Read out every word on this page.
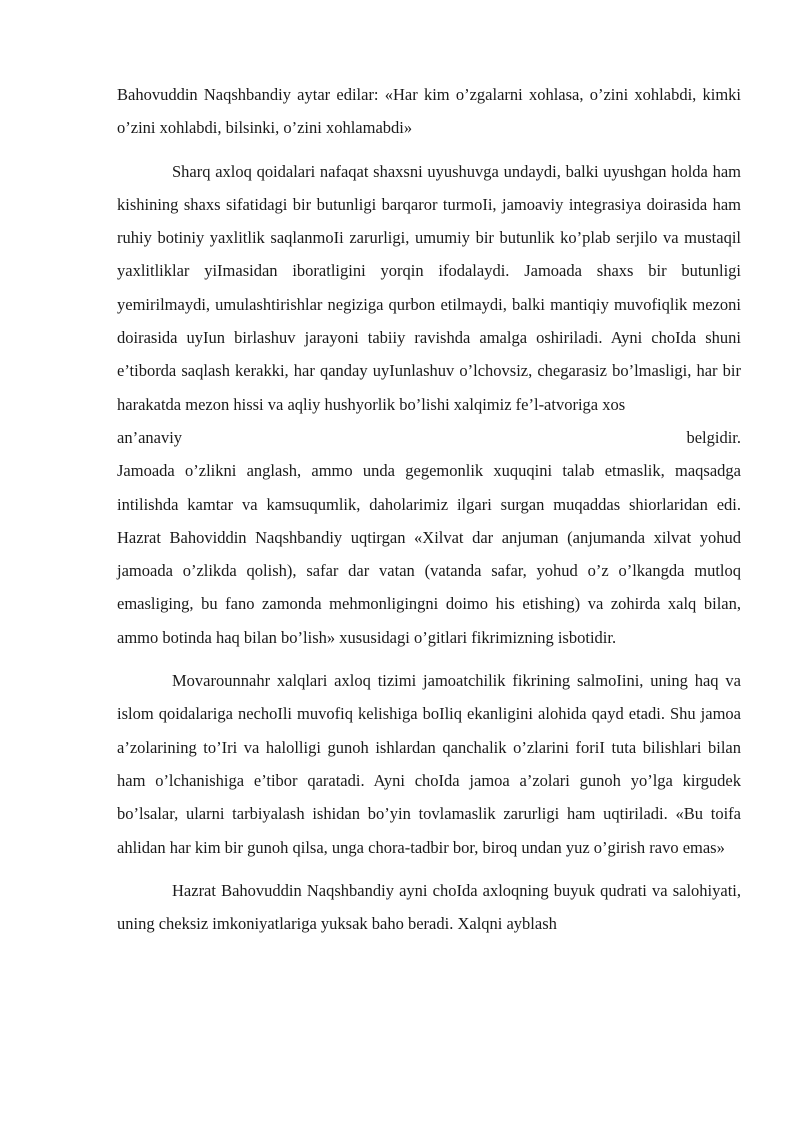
Bahovuddin Naqshbandiy aytar edilar: «Har kim o’zgalarni xohlasa, o’zini xohlabdi, kimki o’zini xohlabdi, bilsinki, o’zini xohlamabdi»

Sharq axloq qoidalari nafaqat shaxsni uyushuvga undaydi, balki uyushgan holda ham kishining shaxs sifatidagi bir butunligi barqaror turmoIi, jamoaviy integrasiya doirasida ham ruhiy botiniy yaxlitlik saqlanmoIi zarurligi, umumiy bir butunlik ko’plab serjilo va mustaqil yaxlitliklar yiImasidan iboratligini yorqin ifodalaydi. Jamoada shaxs bir butunligi yemirilmaydi, umulashtirishlar negiziga qurbon etilmaydi, balki mantiqiy muvofiqlik mezoni doirasida uyIun birlashuv jarayoni tabiiy ravishda amalga oshiriladi. Ayni choIda shuni e’tiborda saqlash kerakki, har qanday uyIunlashuv o’lchovsiz, chegarasiz bo’lmasligi, har bir harakatda mezon hissi va aqliy hushyorlik bo’lishi xalqimiz fe’l-atvoriga xos

an’anaviy belgidir.

Jamoada o’zlikni anglash, ammo unda gegemonlik xuquqini talab etmaslik, maqsadga intilishda kamtar va kamsuqumlik, daholarimiz ilgari surgan muqaddas shiorlaridan edi. Hazrat Bahoviddin Naqshbandiy uqtirgan «Xilvat dar anjuman (anjumanda xilvat yohud jamoada o’zlikda qolish), safar dar vatan (vatanda safar, yohud o’z o’lkangda mutloq emasliging, bu fano zamonda mehmonligingni doimo his etishing) va zohirda xalq bilan, ammo botinda haq bilan bo’lish» xususidagi o’gitlari fikrimizning isbotidir.

Movarounnahr xalqlari axloq tizimi jamoatchilik fikrining salmoIini, uning haq va islom qoidalariga nechoIli muvofiq kelishiga boIliq ekanligini alohida qayd etadi. Shu jamoa a’zolarining to’Iri va halolligi gunoh ishlardan qanchalik o’zlarini foriI tuta bilishlari bilan ham o’lchanishiga e’tibor qaratadi. Ayni choIda jamoa a’zolari gunoh yo’lga kirgudek bo’lsalar, ularni tarbiyalash ishidan bo’yin tovlamaslik zarurligi ham uqtiriladi. «Bu toifa ahlidan har kim bir gunoh qilsa, unga chora-tadbir bor, biroq undan yuz o’girish ravo emas»

Hazrat Bahovuddin Naqshbandiy ayni choIda axloqning buyuk qudrati va salohiyati, uning cheksiz imkoniyatlariga yuksak baho beradi. Xalqni ayblash
